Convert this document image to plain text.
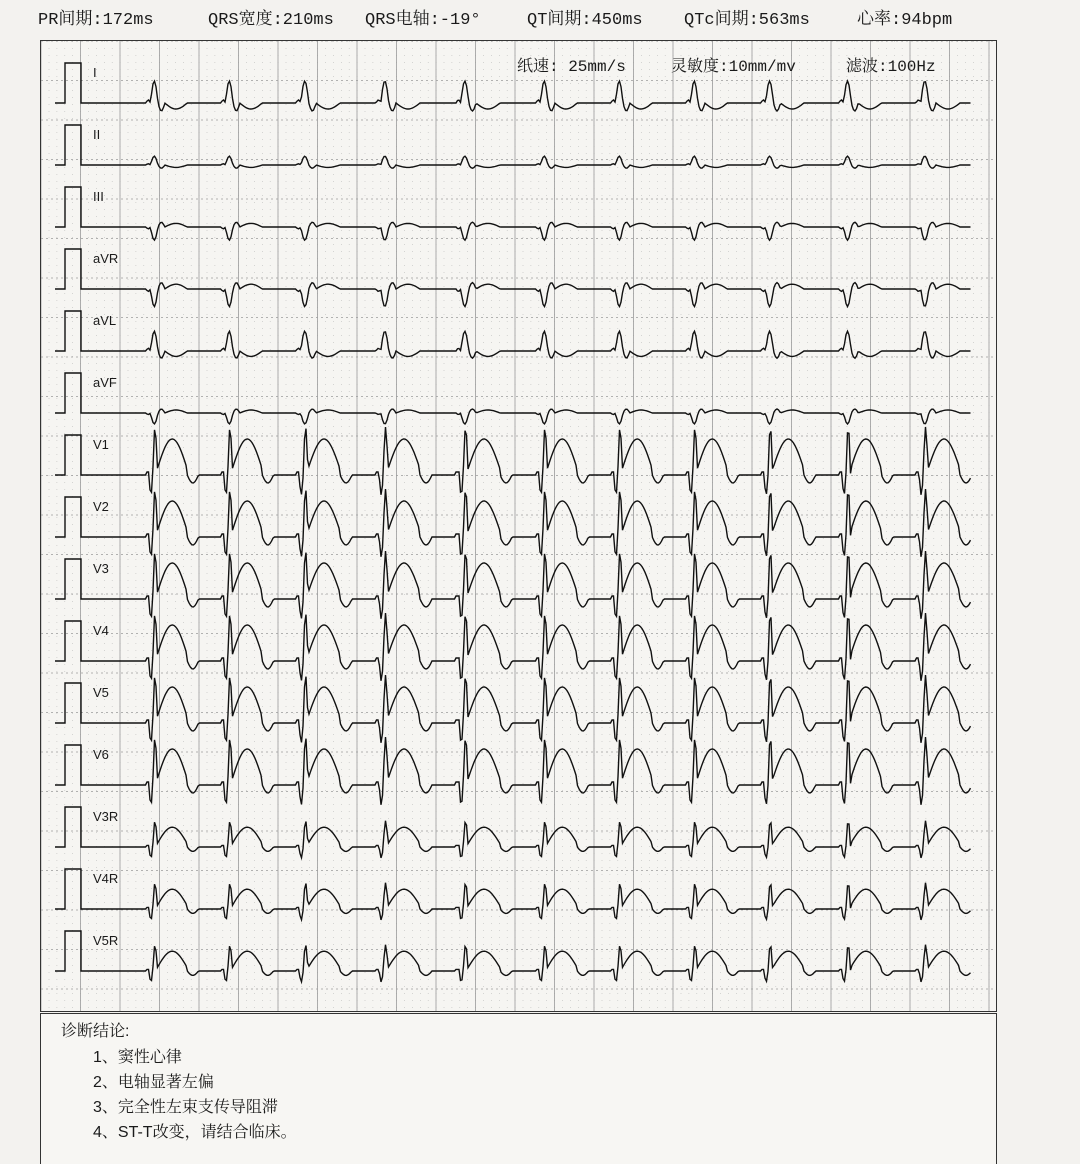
PR间期:172ms	QRS宽度:210ms QRS电轴:-19°	QT间期:450ms QTc间期:563ms	心率:94bpm
I
II
III
aVR
aVL
aVF
V1
V2
V3
V4
V5
V6
V3R
V4R
V5R
纸速: 25mm/s	灵敏度:10mm/mv	滤波:100Hz
诊断结论:
1、窦性心律
2、电轴显著左偏
3、完全性左束支传导阻滞
4、ST-T改变，请结合临床。
